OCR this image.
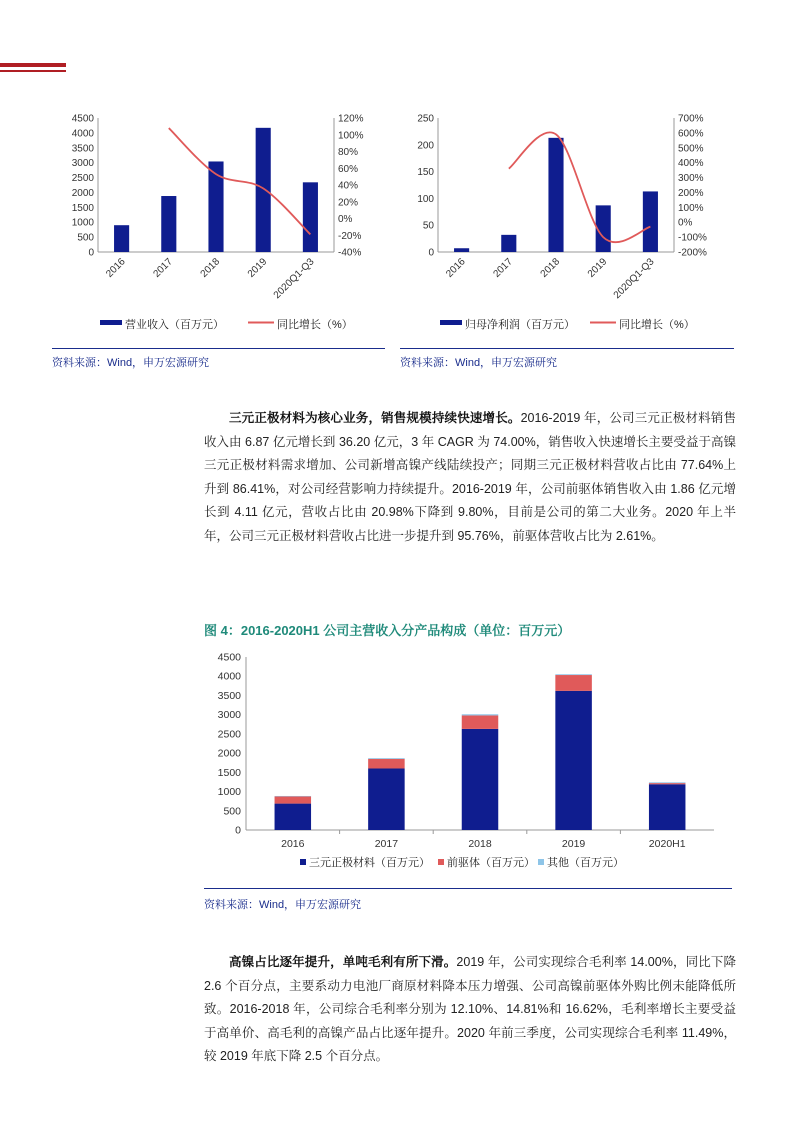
0
500
1000
1500
2000
2500
3000
3500
4000
4500
-40%
-20%
0%
20%
40%
60%
80%
100%
120%
2016 2017 2018 2019 2020Q1-Q3
营业收入（百万元）	同比增长（%）
资料来源：Wind，申万宏源研究
0
50
100
150
200
250
-200%
-100%
0%
100%
200%
300%
400%
500%
600%
700%
2016 2017 2018 2019 2020Q1-Q3
归母净利润（百万元）	同比增长（%）
资料来源：Wind，申万宏源研究

三元正极材料为核心业务，销售规模持续快速增长。2016-2019 年，公司三元正极材料销售收入由 6.87 亿元增长到 36.20 亿元，3 年 CAGR 为 74.00%，销售收入快速增长主要受益于高镍三元正极材料需求增加、公司新增高镍产线陆续投产；同期三元正极材料营收占比由 77.64%上升到 86.41%，对公司经营影响力持续提升。2016-2019 年，公司前驱体销售收入由 1.86 亿元增长到 4.11 亿元，营收占比由 20.98%下降到 9.80%，目前是公司的第二大业务。2020 年上半年，公司三元正极材料营收占比进一步提升到 95.76%，前驱体营收占比为 2.61%。

图 4：2016-2020H1 公司主营收入分产品构成（单位：百万元）
0
500
1000
1500
2000
2500
3000
3500
4000
4500
2016	2017	2018	2019	2020H1
三元正极材料（百万元） 前驱体（百万元） 其他（百万元）
资料来源：Wind，申万宏源研究

高镍占比逐年提升，单吨毛利有所下滑。2019 年，公司实现综合毛利率 14.00%，同比下降 2.6 个百分点，主要系动力电池厂商原材料降本压力增强、公司高镍前驱体外购比例未能降低所致。2016-2018 年，公司综合毛利率分别为 12.10%、14.81%和 16.62%，毛利率增长主要受益于高单价、高毛利的高镍产品占比逐年提升。2020 年前三季度，公司实现综合毛利率 11.49%，较 2019 年底下降 2.5 个百分点。
